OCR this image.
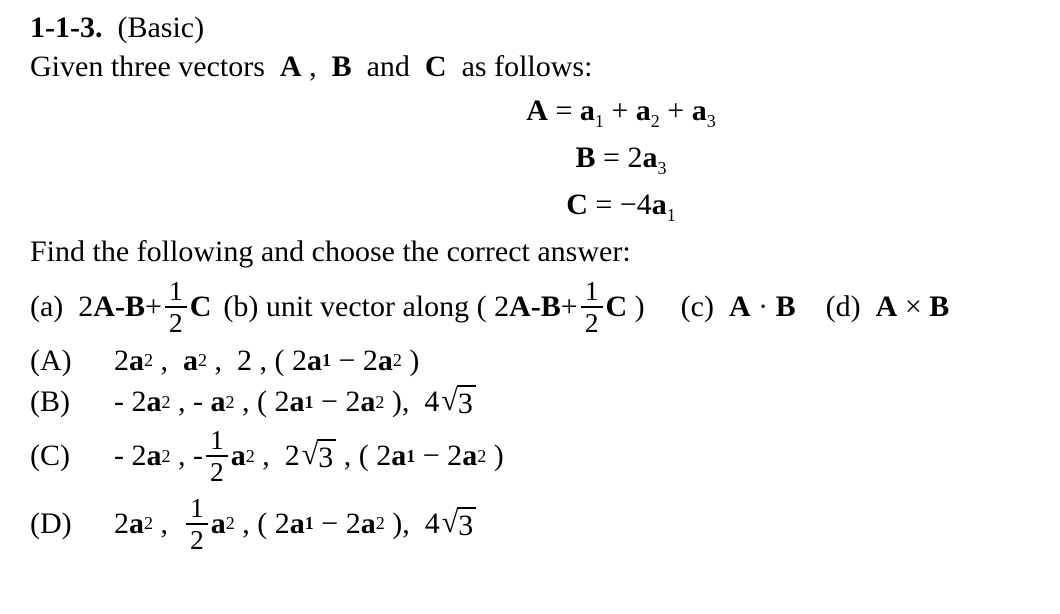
1-1-3.  (Basic)
Given three vectors  A ,  B  and  C  as follows:
$A = a_1 + a_2 + a_3$
$B = 2a_3$
$C = -4a_1$
Find the following and choose the correct answer:
(a)  2 $A-B + \frac{1}{2}$ C (b) unit vector along ( 2 $A-B + \frac{1}{2}$ C ) (c) A · B (d) A × B
(A)	2 a 2 , a 2 ,  2 , ( 2 a 1 − 2 a 2 )
(B)	- 2 a 2 , - a 2 , ( 2 a 1 − 2 a 2 ),  4 √ 3
(C)	- 2 a 2 , - $\frac{1}{2}$ a 2 ,  2 √ 3 , ( 2 a 1 − 2 a 2 )
(D)	2 a 2 , $\frac{1}{2}$ a 2 , ( 2 a 1 − 2 a 2 ),  4 √ 3
